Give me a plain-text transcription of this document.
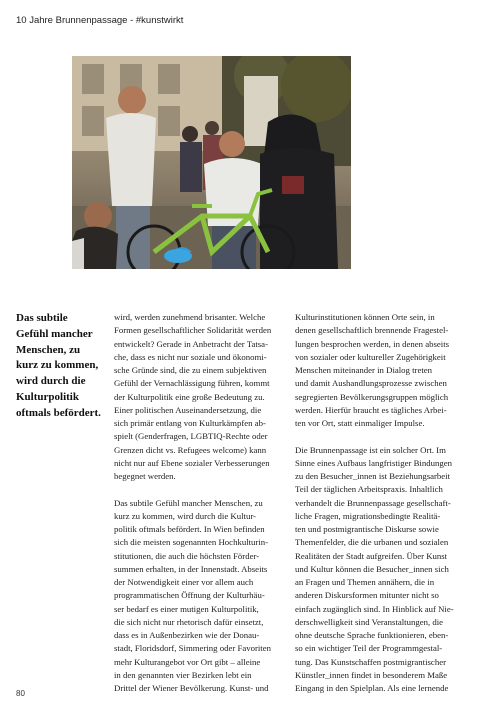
10 Jahre Brunnenpassage - #kunstwirkt
Das subtile Gefühl mancher Menschen, zu kurz zu kommen, wird durch die Kulturpolitik oftmals befördert.
wird, werden zunehmend brisanter. Welche
Formen gesellschaftlicher Solidarität werden
entwickelt? Gerade in Anbetracht der Tatsa-
che, dass es nicht nur soziale und ökonomi-
sche Gründe sind, die zu einem subjektiven
Gefühl der Vernachlässigung führen, kommt
der Kulturpolitik eine große Bedeutung zu.
Einer politischen Auseinandersetzung, die
sich primär entlang von Kulturkämpfen ab-
spielt (Genderfragen, LGBTIQ-Rechte oder
Grenzen dicht vs. Refugees welcome) kann
nicht nur auf Ebene sozialer Verbesserungen
begegnet werden.
Das subtile Gefühl mancher Menschen, zu
kurz zu kommen, wird durch die Kultur-
politik oftmals befördert. In Wien befinden
sich die meisten sogenannten Hochkulturin-
stitutionen, die auch die höchsten Förder-
summen erhalten, in der Innenstadt. Abseits
der Notwendigkeit einer vor allem auch
programmatischen Öffnung der Kulturhäu-
ser bedarf es einer mutigen Kulturpolitik,
die sich nicht nur rhetorisch dafür einsetzt,
dass es in Außenbezirken wie der Donau-
stadt, Floridsdorf, Simmering oder Favoriten
mehr Kulturangebot vor Ort gibt – alleine
in den genannten vier Bezirken lebt ein
Drittel der Wiener Bevölkerung. Kunst- und
Kulturinstitutionen können Orte sein, in
denen gesellschaftlich brennende Fragestel-
lungen besprochen werden, in denen abseits
von sozialer oder kultureller Zugehörigkeit
Menschen miteinander in Dialog treten
und damit Aushandlungsprozesse zwischen
segregierten Bevölkerungsgruppen möglich
werden. Hierfür braucht es tägliches Arbei-
ten vor Ort, statt einmaliger Impulse.
Die Brunnenpassage ist ein solcher Ort. Im
Sinne eines Aufbaus langfristiger Bindungen
zu den Besucher_innen ist Beziehungsarbeit
Teil der täglichen Arbeitspraxis. Inhaltlich
verhandelt die Brunnenpassage gesellschaft-
liche Fragen, migrationsbedingte Realitä-
ten und postmigrantische Diskurse sowie
Themenfelder, die die urbanen und sozialen
Realitäten der Stadt aufgreifen. Über Kunst
und Kultur können die Besucher_innen sich
an Fragen und Themen annähern, die in
anderen Diskursformen mitunter nicht so
einfach zugänglich sind. In Hinblick auf Nie-
derschwelligkeit sind Veranstaltungen, die
ohne deutsche Sprache funktionieren, eben-
so ein wichtiger Teil der Programmgestal-
tung. Das Kunstschaffen postmigrantischer
Künstler_innen findet in besonderem Maße
Eingang in den Spielplan. Als eine lernende
80
